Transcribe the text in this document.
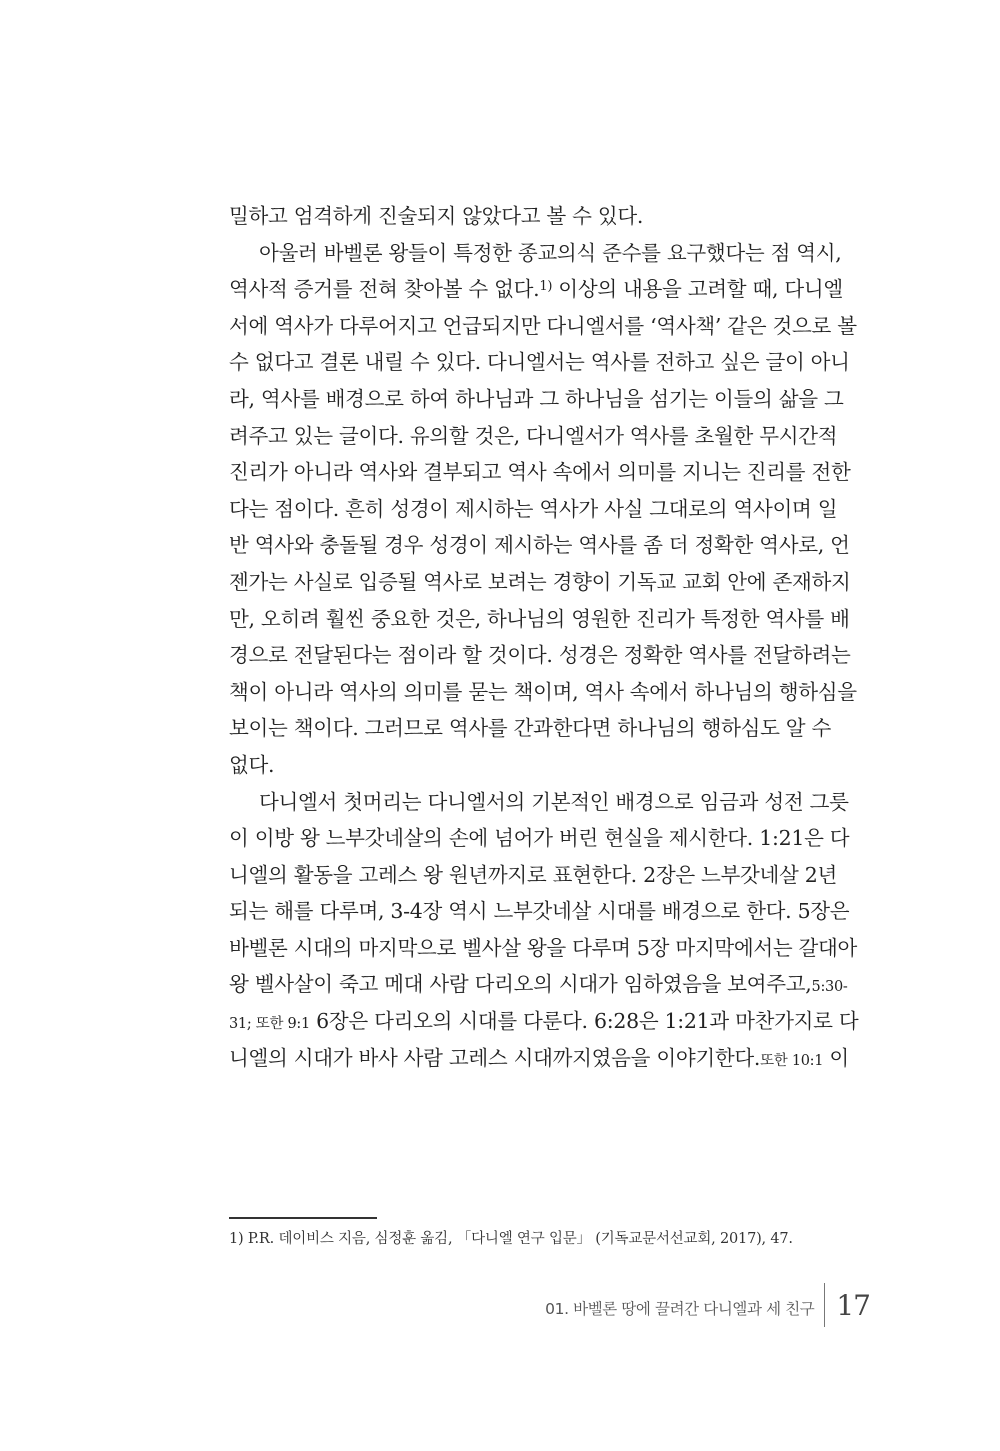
밀하고 엄격하게 진술되지 않았다고 볼 수 있다.
아울러 바벨론 왕들이 특정한 종교의식 준수를 요구했다는 점 역시,
역사적 증거를 전혀 찾아볼 수 없다.$^{1)}$ 이상의 내용을 고려할 때, 다니엘
서에 역사가 다루어지고 언급되지만 다니엘서를 ‘역사책’ 같은 것으로 볼
수 없다고 결론 내릴 수 있다. 다니엘서는 역사를 전하고 싶은 글이 아니
라, 역사를 배경으로 하여 하나님과 그 하나님을 섬기는 이들의 삶을 그
려주고 있는 글이다. 유의할 것은, 다니엘서가 역사를 초월한 무시간적
진리가 아니라 역사와 결부되고 역사 속에서 의미를 지니는 진리를 전한
다는 점이다. 흔히 성경이 제시하는 역사가 사실 그대로의 역사이며 일
반 역사와 충돌될 경우 성경이 제시하는 역사를 좀 더 정확한 역사로, 언
젠가는 사실로 입증될 역사로 보려는 경향이 기독교 교회 안에 존재하지
만, 오히려 훨씬 중요한 것은, 하나님의 영원한 진리가 특정한 역사를 배
경으로 전달된다는 점이라 할 것이다. 성경은 정확한 역사를 전달하려는
책이 아니라 역사의 의미를 묻는 책이며, 역사 속에서 하나님의 행하심을
보이는 책이다. 그러므로 역사를 간과한다면 하나님의 행하심도 알 수
없다.
다니엘서 첫머리는 다니엘서의 기본적인 배경으로 임금과 성전 그릇
이 이방 왕 느부갓네살의 손에 넘어가 버린 현실을 제시한다. 1:21은 다
니엘의 활동을 고레스 왕 원년까지로 표현한다. 2장은 느부갓네살 2년
되는 해를 다루며, 3-4장 역시 느부갓네살 시대를 배경으로 한다. 5장은
바벨론 시대의 마지막으로 벨사살 왕을 다루며 5장 마지막에서는 갈대아
왕 벨사살이 죽고 메대 사람 다리오의 시대가 임하였음을 보여주고,5:30-
31; 또한 9:1 6장은 다리오의 시대를 다룬다. 6:28은 1:21과 마찬가지로 다
니엘의 시대가 바사 사람 고레스 시대까지였음을 이야기한다.또한 10:1 이
1) P.R. 데이비스 지음, 심정훈 옮김, 「다니엘 연구 입문」 (기독교문서선교회, 2017), 47.
01. 바벨론 땅에 끌려간 다니엘과 세 친구 17
